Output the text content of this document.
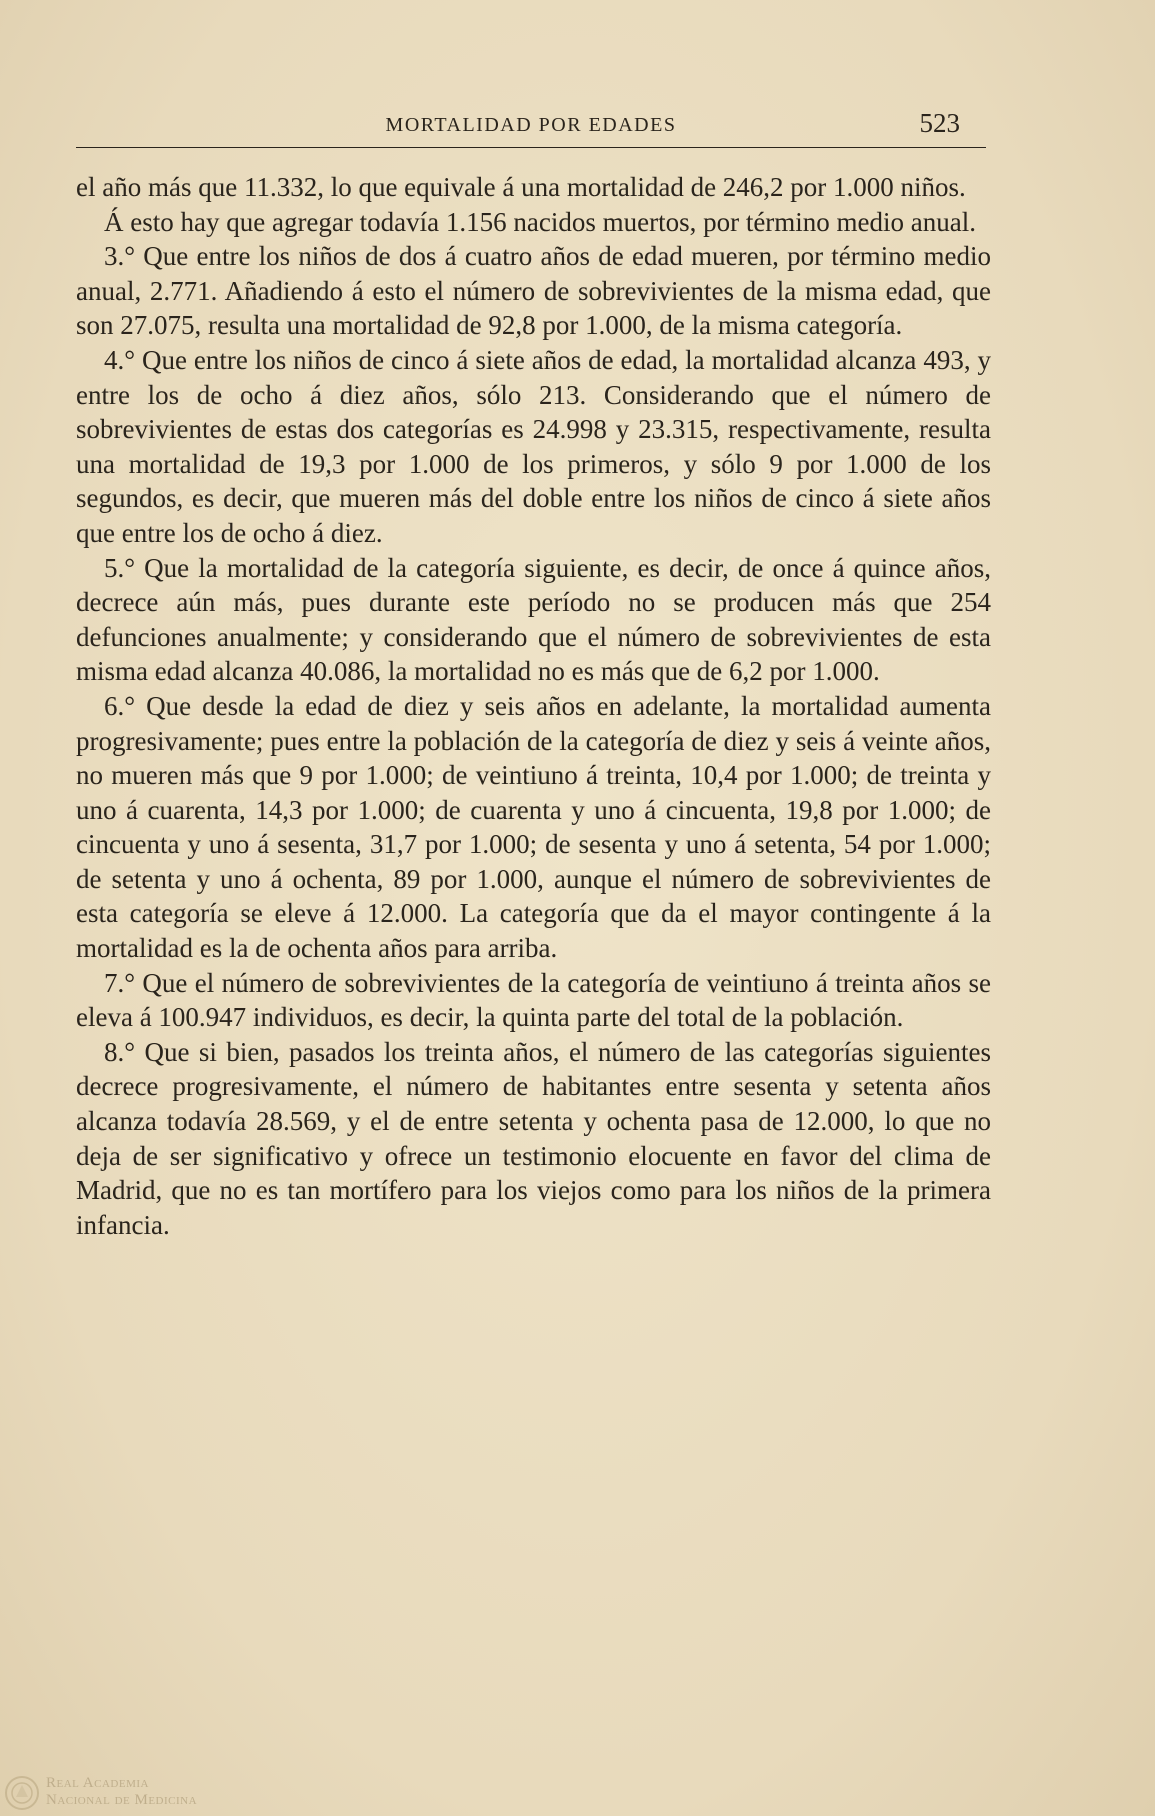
MORTALIDAD POR EDADES	523

el año más que 11.332, lo que equivale á una mortalidad de 246,2 por 1.000 niños.

Á esto hay que agregar todavía 1.156 nacidos muertos, por término medio anual.

3.° Que entre los niños de dos á cuatro años de edad mueren, por término medio anual, 2.771. Añadiendo á esto el número de sobrevivientes de la misma edad, que son 27.075, resulta una mortalidad de 92,8 por 1.000, de la misma categoría.

4.° Que entre los niños de cinco á siete años de edad, la mortalidad alcanza 493, y entre los de ocho á diez años, sólo 213. Considerando que el número de sobrevivientes de estas dos categorías es 24.998 y 23.315, respectivamente, resulta una mortalidad de 19,3 por 1.000 de los primeros, y sólo 9 por 1.000 de los segundos, es decir, que mueren más del doble entre los niños de cinco á siete años que entre los de ocho á diez.

5.° Que la mortalidad de la categoría siguiente, es decir, de once á quince años, decrece aún más, pues durante este período no se producen más que 254 defunciones anualmente; y considerando que el número de sobrevivientes de esta misma edad alcanza 40.086, la mortalidad no es más que de 6,2 por 1.000.

6.° Que desde la edad de diez y seis años en adelante, la mortalidad aumenta progresivamente; pues entre la población de la categoría de diez y seis á veinte años, no mueren más que 9 por 1.000; de veintiuno á treinta, 10,4 por 1.000; de treinta y uno á cuarenta, 14,3 por 1.000; de cuarenta y uno á cincuenta, 19,8 por 1.000; de cincuenta y uno á sesenta, 31,7 por 1.000; de sesenta y uno á setenta, 54 por 1.000; de setenta y uno á ochenta, 89 por 1.000, aunque el número de sobrevivientes de esta categoría se eleve á 12.000. La categoría que da el mayor contingente á la mortalidad es la de ochenta años para arriba.

7.° Que el número de sobrevivientes de la categoría de veintiuno á treinta años se eleva á 100.947 individuos, es decir, la quinta parte del total de la población.

8.° Que si bien, pasados los treinta años, el número de las categorías siguientes decrece progresivamente, el número de habitantes entre sesenta y setenta años alcanza todavía 28.569, y el de entre setenta y ochenta pasa de 12.000, lo que no deja de ser significativo y ofrece un testimonio elocuente en favor del clima de Madrid, que no es tan mortífero para los viejos como para los niños de la primera infancia.

Real Academia
Nacional de Medicina
